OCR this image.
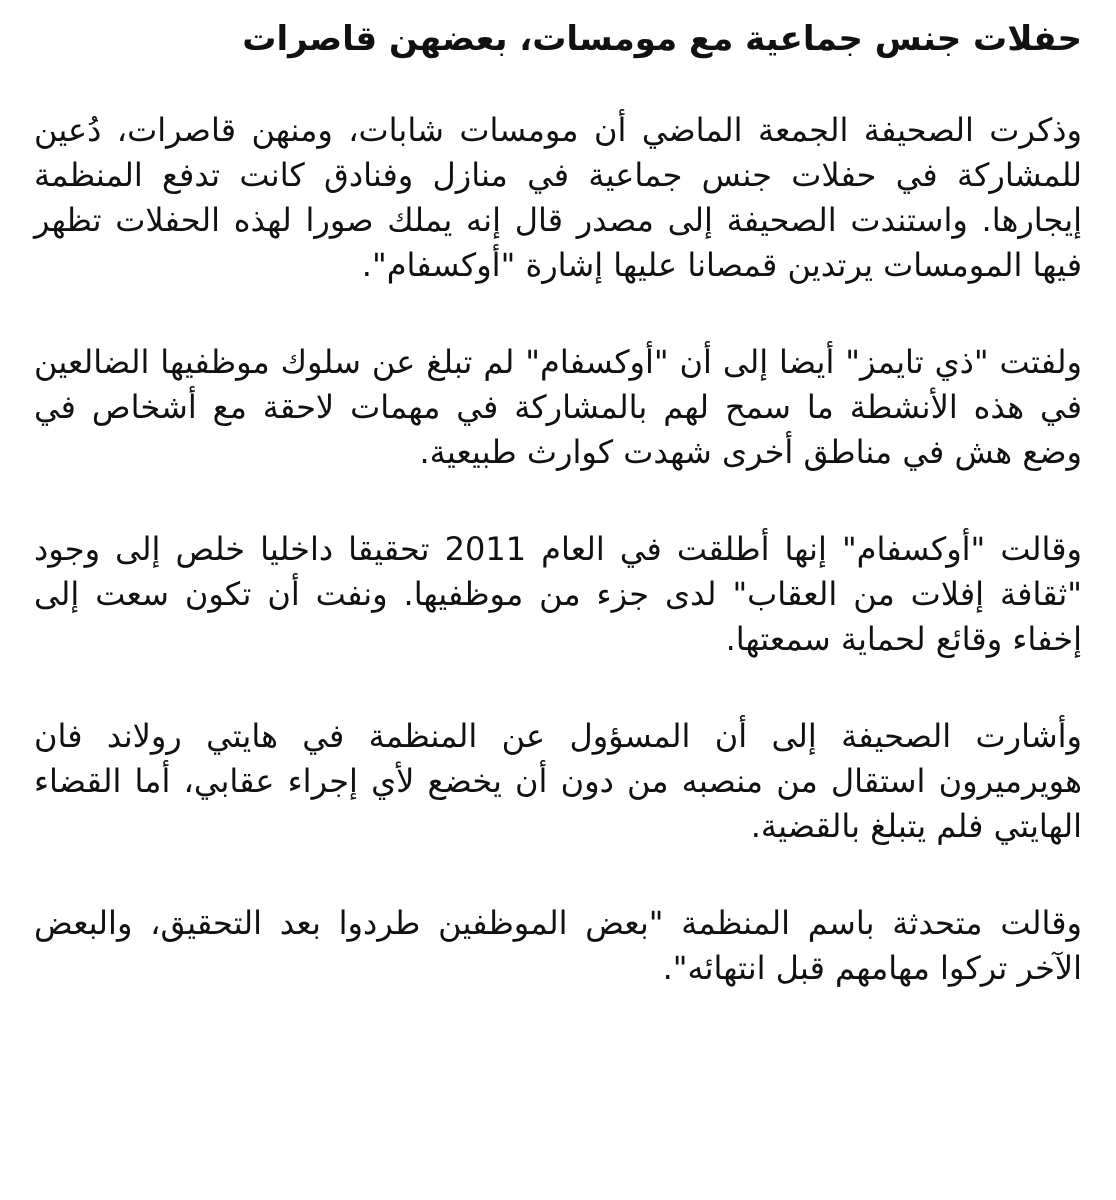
حفلات جنس جماعية مع مومسات، بعضهن قاصرات

وذكرت الصحيفة الجمعة الماضي أن مومسات شابات، ومنهن قاصرات، دُعين للمشاركة في حفلات جنس جماعية في منازل وفنادق كانت تدفع المنظمة إيجارها. واستندت الصحيفة إلى مصدر قال إنه يملك صورا لهذه الحفلات تظهر فيها المومسات يرتدين قمصانا عليها إشارة "أوكسفام".

ولفتت "ذي تايمز" أيضا إلى أن "أوكسفام" لم تبلغ عن سلوك موظفيها الضالعين في هذه الأنشطة ما سمح لهم بالمشاركة في مهمات لاحقة مع أشخاص في وضع هش في مناطق أخرى شهدت كوارث طبيعية.

وقالت "أوكسفام" إنها أطلقت في العام 2011 تحقيقا داخليا خلص إلى وجود "ثقافة إفلات من العقاب" لدى جزء من موظفيها. ونفت أن تكون سعت إلى إخفاء وقائع لحماية سمعتها.

وأشارت الصحيفة إلى أن المسؤول عن المنظمة في هايتي رولاند فان هويرميرون استقال من منصبه من دون أن يخضع لأي إجراء عقابي، أما القضاء الهايتي فلم يتبلغ بالقضية.

وقالت متحدثة باسم المنظمة "بعض الموظفين طردوا بعد التحقيق، والبعض الآخر تركوا مهامهم قبل انتهائه".
